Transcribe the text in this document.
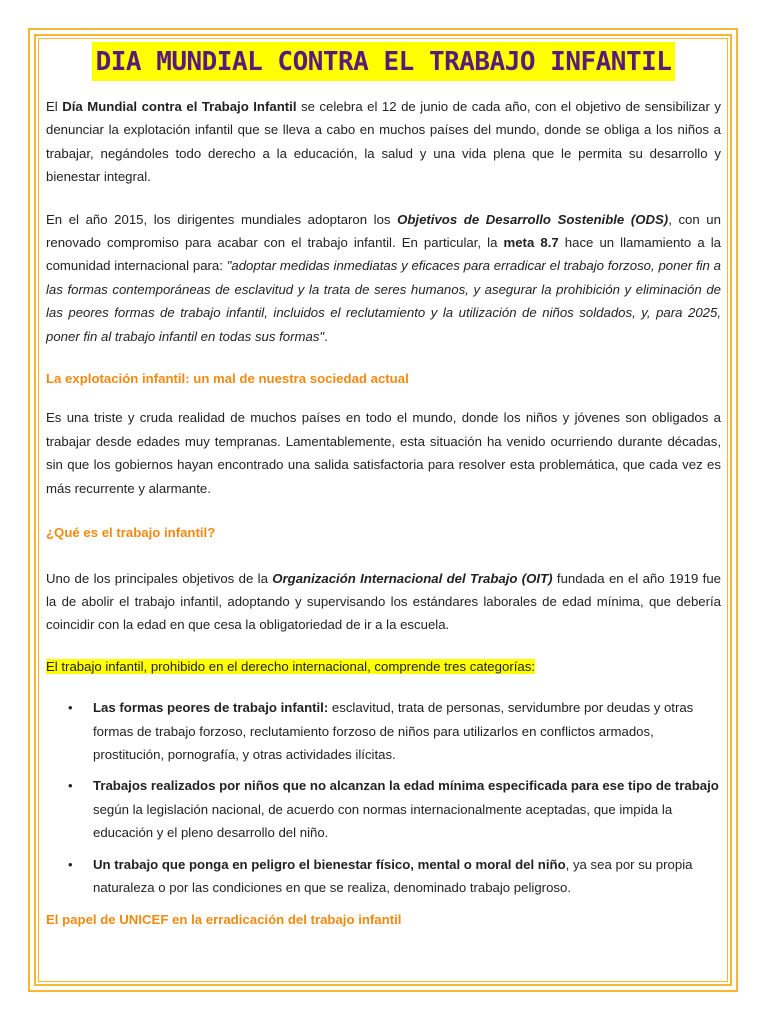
DIA MUNDIAL CONTRA EL TRABAJO INFANTIL

El Día Mundial contra el Trabajo Infantil se celebra el 12 de junio de cada año, con el objetivo de sensibilizar y denunciar la explotación infantil que se lleva a cabo en muchos países del mundo, donde se obliga a los niños a trabajar, negándoles todo derecho a la educación, la salud y una vida plena que le permita su desarrollo y bienestar integral.

En el año 2015, los dirigentes mundiales adoptaron los Objetivos de Desarrollo Sostenible (ODS), con un renovado compromiso para acabar con el trabajo infantil. En particular, la meta 8.7 hace un llamamiento a la comunidad internacional para: "adoptar medidas inmediatas y eficaces para erradicar el trabajo forzoso, poner fin a las formas contemporáneas de esclavitud y la trata de seres humanos, y asegurar la prohibición y eliminación de las peores formas de trabajo infantil, incluidos el reclutamiento y la utilización de niños soldados, y, para 2025, poner fin al trabajo infantil en todas sus formas".

La explotación infantil: un mal de nuestra sociedad actual

Es una triste y cruda realidad de muchos países en todo el mundo, donde los niños y jóvenes son obligados a trabajar desde edades muy tempranas. Lamentablemente, esta situación ha venido ocurriendo durante décadas, sin que los gobiernos hayan encontrado una salida satisfactoria para resolver esta problemática, que cada vez es más recurrente y alarmante.

¿Qué es el trabajo infantil?

Uno de los principales objetivos de la Organización Internacional del Trabajo (OIT) fundada en el año 1919 fue la de abolir el trabajo infantil, adoptando y supervisando los estándares laborales de edad mínima, que debería coincidir con la edad en que cesa la obligatoriedad de ir a la escuela.

El trabajo infantil, prohibido en el derecho internacional, comprende tres categorías:

• Las formas peores de trabajo infantil: esclavitud, trata de personas, servidumbre por deudas y otras formas de trabajo forzoso, reclutamiento forzoso de niños para utilizarlos en conflictos armados, prostitución, pornografía, y otras actividades ilícitas.
• Trabajos realizados por niños que no alcanzan la edad mínima especificada para ese tipo de trabajo según la legislación nacional, de acuerdo con normas internacionalmente aceptadas, que impida la educación y el pleno desarrollo del niño.
• Un trabajo que ponga en peligro el bienestar físico, mental o moral del niño, ya sea por su propia naturaleza o por las condiciones en que se realiza, denominado trabajo peligroso.

El papel de UNICEF en la erradicación del trabajo infantil
